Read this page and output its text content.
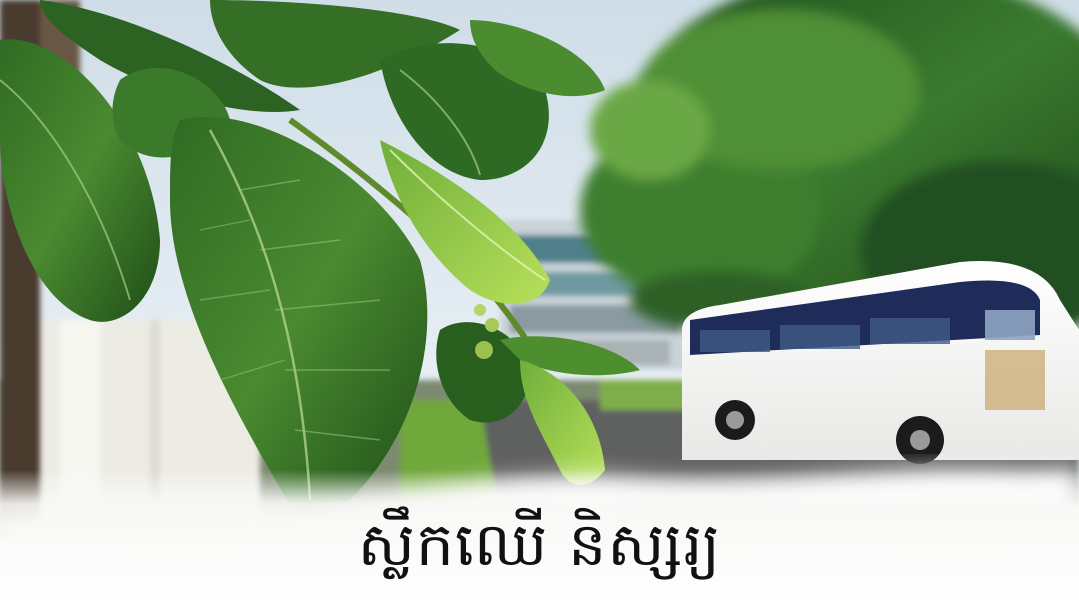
ស្លឹកឈើ និស្សរ្យ
